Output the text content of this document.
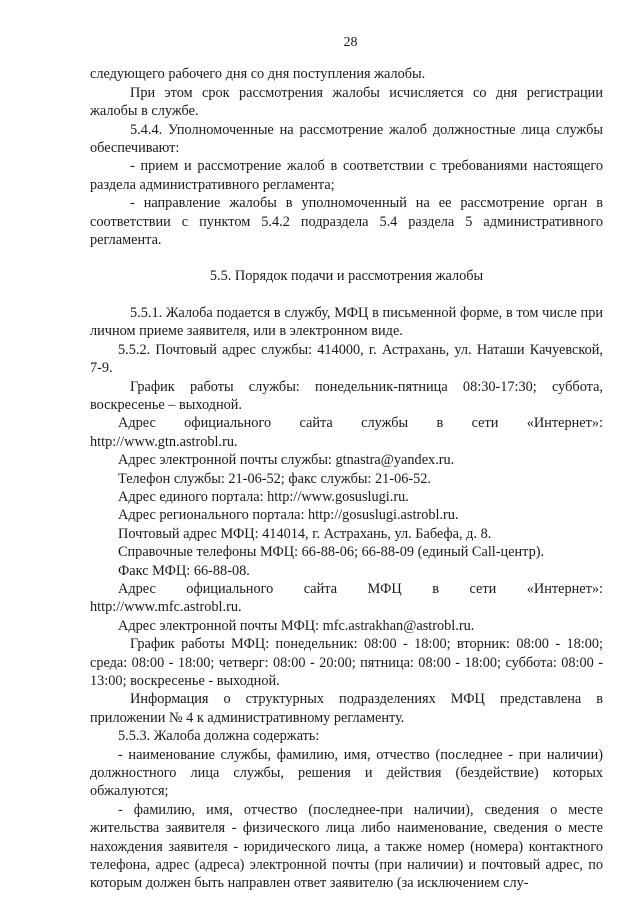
28

следующего рабочего дня со дня поступления жалобы.

При этом срок рассмотрения жалобы исчисляется со дня регистрации жалобы в службе.

5.4.4. Уполномоченные на рассмотрение жалоб должностные лица службы обеспечивают:

- прием и рассмотрение жалоб в соответствии с требованиями настоящего раздела административного регламента;

- направление жалобы в уполномоченный на ее рассмотрение орган в соответствии с пунктом 5.4.2 подраздела 5.4 раздела 5 административного регламента.

5.5. Порядок подачи и рассмотрения жалобы

5.5.1. Жалоба подается в службу, МФЦ в письменной форме, в том числе при личном приеме заявителя, или в электронном виде.

5.5.2. Почтовый адрес службы: 414000, г. Астрахань, ул. Наташи Качуевской, 7-9.

График работы службы: понедельник-пятница 08:30-17:30; суббота, воскресенье – выходной.

Адрес официального сайта службы в сети «Интернет»:

http://www.gtn.astrobl.ru.

Адрес электронной почты службы: gtnastra@yandex.ru.

Телефон службы: 21-06-52; факс службы: 21-06-52.

Адрес единого портала: http://www.gosuslugi.ru.

Адрес регионального портала: http://gosuslugi.astrobl.ru.

Почтовый адрес МФЦ: 414014, г. Астрахань, ул. Бабефа, д. 8.

Справочные телефоны МФЦ: 66-88-06; 66-88-09 (единый Call-центр).

Факс МФЦ: 66-88-08.

Адрес официального сайта МФЦ в сети «Интернет»:

http://www.mfc.astrobl.ru.

Адрес электронной почты МФЦ: mfc.astrakhan@astrobl.ru.

График работы МФЦ: понедельник: 08:00 - 18:00; вторник: 08:00 - 18:00; среда: 08:00 - 18:00; четверг: 08:00 - 20:00; пятница: 08:00 - 18:00; суббота: 08:00 - 13:00; воскресенье - выходной.

Информация о структурных подразделениях МФЦ представлена в приложении № 4 к административному регламенту.

5.5.3. Жалоба должна содержать:

- наименование службы, фамилию, имя, отчество (последнее - при наличии) должностного лица службы, решения и действия (бездействие) которых обжалуются;

- фамилию, имя, отчество (последнее-при наличии), сведения о месте жительства заявителя - физического лица либо наименование, сведения о месте нахождения заявителя - юридического лица, а также номер (номера) контактного телефона, адрес (адреса) электронной почты (при наличии) и почтовый адрес, по которым должен быть направлен ответ заявителю (за исключением слу-
